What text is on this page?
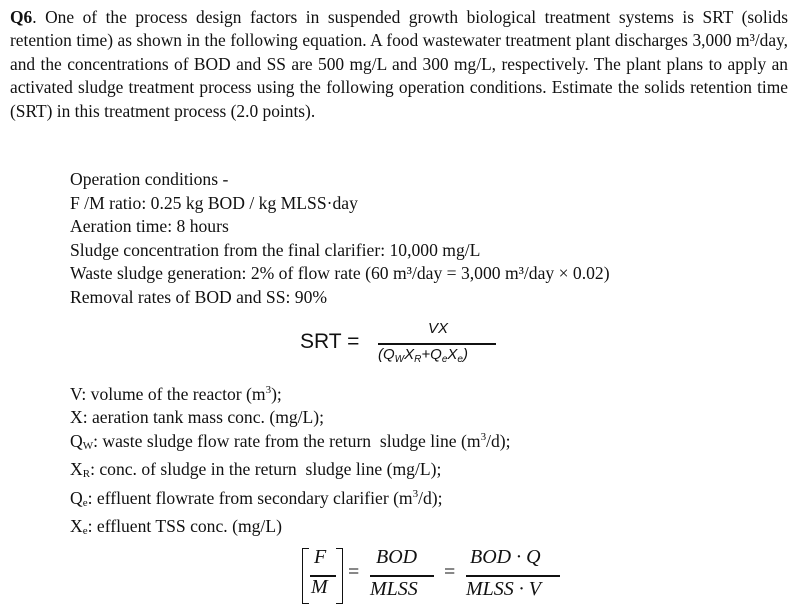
Q6. One of the process design factors in suspended growth biological treatment systems is SRT (solids retention time) as shown in the following equation. A food wastewater treatment plant discharges 3,000 m³/day, and the concentrations of BOD and SS are 500 mg/L and 300 mg/L, respectively. The plant plans to apply an activated sludge treatment process using the following operation conditions. Estimate the solids retention time (SRT) in this treatment process (2.0 points).
Operation conditions -
F /M ratio: 0.25 kg BOD / kg MLSS·day
Aeration time: 8 hours
Sludge concentration from the final clarifier: 10,000 mg/L
Waste sludge generation: 2% of flow rate (60 m³/day = 3,000 m³/day × 0.02)
Removal rates of BOD and SS: 90%
SRT =
VX
$(Q_WX_R+Q_eX_e)$
V: volume of the reactor $(m^3)$;
X: aeration tank mass conc. (mg/L);
$Q_W$: waste sludge flow rate from the return  sludge line $(m^3/d)$;
$X_R$: conc. of sludge in the return  sludge line (mg/L);
$Q_e$: effluent flowrate from secondary clarifier $(m^3/d)$;
$X_e$: effluent TSS conc. (mg/L)
F
M
=
BOD
MLSS
=
BOD · Q
MLSS · V
